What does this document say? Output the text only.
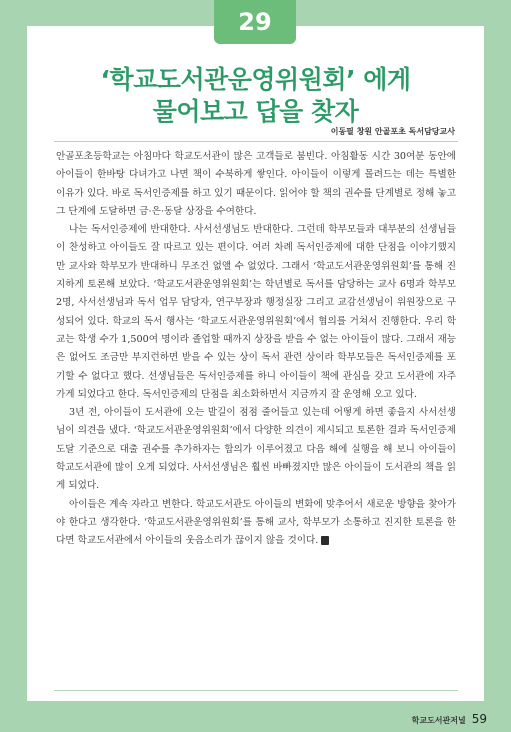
29
‘학교도서관운영위원회’ 에게
물어보고 답을 찾자
이동필 창원 안골포초 독서담당교사

안골포초등학교는 아침마다 학교도서관이 많은 고객들로 붐빈다. 아침활동 시간 30여분 동안에 아이들이 한바탕 다녀가고 나면 책이 수북하게 쌓인다. 아이들이 이렇게 몰려드는 데는 특별한 이유가 있다. 바로 독서인증제를 하고 있기 때문이다. 읽어야 할 책의 권수를 단계별로 정해 놓고 그 단계에 도달하면 금·은·동달 상장을 수여한다.

나는 독서인증제에 반대한다. 사서선생님도 반대한다. 그런데 학부모들과 대부분의 선생님들이 찬성하고 아이들도 잘 따르고 있는 편이다. 여러 차례 독서인증제에 대한 단점을 이야기했지만 교사와 학부모가 반대하니 무조건 없앨 수 없었다. 그래서 ‘학교도서관운영위원회’를 통해 진지하게 토론해 보았다. ‘학교도서관운영위원회’는 학년별로 독서를 담당하는 교사 6명과 학부모 2명, 사서선생님과 독서 업무 담당자, 연구부장과 행정실장 그리고 교감선생님이 위원장으로 구성되어 있다. 학교의 독서 행사는 ‘학교도서관운영위원회’에서 협의를 거쳐서 진행한다. 우리 학교는 학생 수가 1,500여 명이라 졸업할 때까지 상장을 받을 수 없는 아이들이 많다. 그래서 재능은 없어도 조금만 부지런하면 받을 수 있는 상이 독서 관련 상이라 학부모들은 독서인증제를 포기할 수 없다고 했다. 선생님들은 독서인증제를 하니 아이들이 책에 관심을 갖고 도서관에 자주 가게 되었다고 한다. 독서인증제의 단점을 최소화하면서 지금까지 잘 운영해 오고 있다.

3년 전, 아이들이 도서관에 오는 발길이 점점 줄어들고 있는데 어떻게 하면 좋을지 사서선생님이 의견을 냈다. ‘학교도서관운영위원회’에서 다양한 의견이 제시되고 토론한 결과 독서인증제 도달 기준으로 대출 권수를 추가하자는 합의가 이루어졌고 다음 해에 실행을 해 보니 아이들이 학교도서관에 많이 오게 되었다. 사서선생님은 훨씬 바빠졌지만 많은 아이들이 도서관의 책을 읽게 되었다.

아이들은 계속 자라고 변한다. 학교도서관도 아이들의 변화에 맞추어서 새로운 방향을 찾아가야 한다고 생각한다. ‘학교도서관운영위원회’를 통해 교사, 학부모가 소통하고 진지한 토론을 한다면 학교도서관에서 아이들의 웃음소리가 끊이지 않을 것이다.

학교도서관저널 59
